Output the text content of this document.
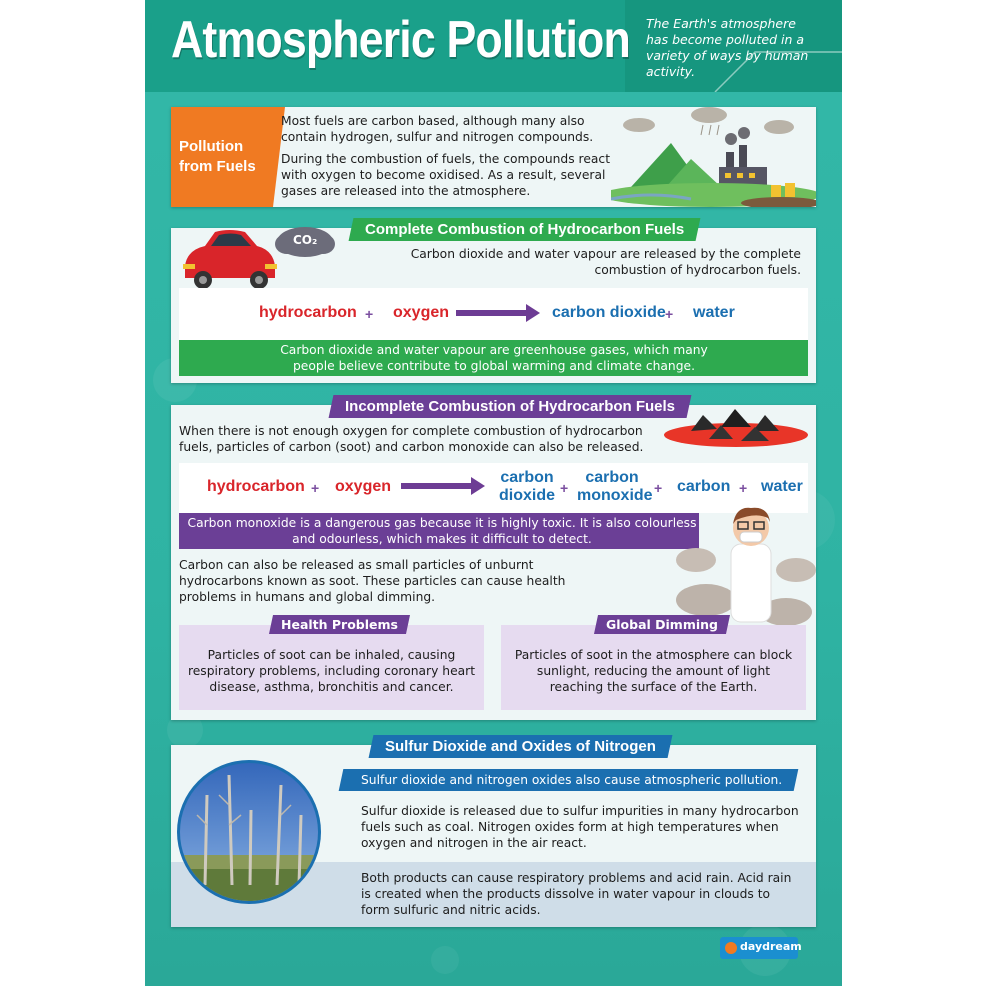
Atmospheric Pollution The Earth's atmosphere has become polluted in a variety of ways by human activity.
Pollution from Fuels
Most fuels are carbon based, although many also contain hydrogen, sulfur and nitrogen compounds.
During the combustion of fuels, the compounds react with oxygen to become oxidised. As a result, several gases are released into the atmosphere.
CO₂
Complete Combustion of Hydrocarbon Fuels
Carbon dioxide and water vapour are released by the complete combustion of hydrocarbon fuels.
hydrocarbon + oxygen	carbon dioxide + water
Carbon dioxide and water vapour are greenhouse gases, which many people believe contribute to global warming and climate change.
Incomplete Combustion of Hydrocarbon Fuels
When there is not enough oxygen for complete combustion of hydrocarbon fuels, particles of carbon (soot) and carbon monoxide can also be released.
hydrocarbon + oxygen
carbon dioxide +
carbon monoxide + carbon + water
Carbon monoxide is a dangerous gas because it is highly toxic. It is also colourless and odourless, which makes it difficult to detect.
Carbon can also be released as small particles of unburnt hydrocarbons known as soot. These particles can cause health problems in humans and global dimming.
Particles of soot can be inhaled, causing respiratory problems, including coronary heart disease, asthma, bronchitis and cancer.
Health Problems
Particles of soot in the atmosphere can block sunlight, reducing the amount of light reaching the surface of the Earth.
Global Dimming
Sulfur Dioxide and Oxides of Nitrogen
Sulfur dioxide and nitrogen oxides also cause atmospheric pollution.
Sulfur dioxide is released due to sulfur impurities in many hydrocarbon fuels such as coal. Nitrogen oxides form at high temperatures when oxygen and nitrogen in the air react.
Both products can cause respiratory problems and acid rain. Acid rain is created when the products dissolve in water vapour in clouds to form sulfuric and nitric acids.
daydream
